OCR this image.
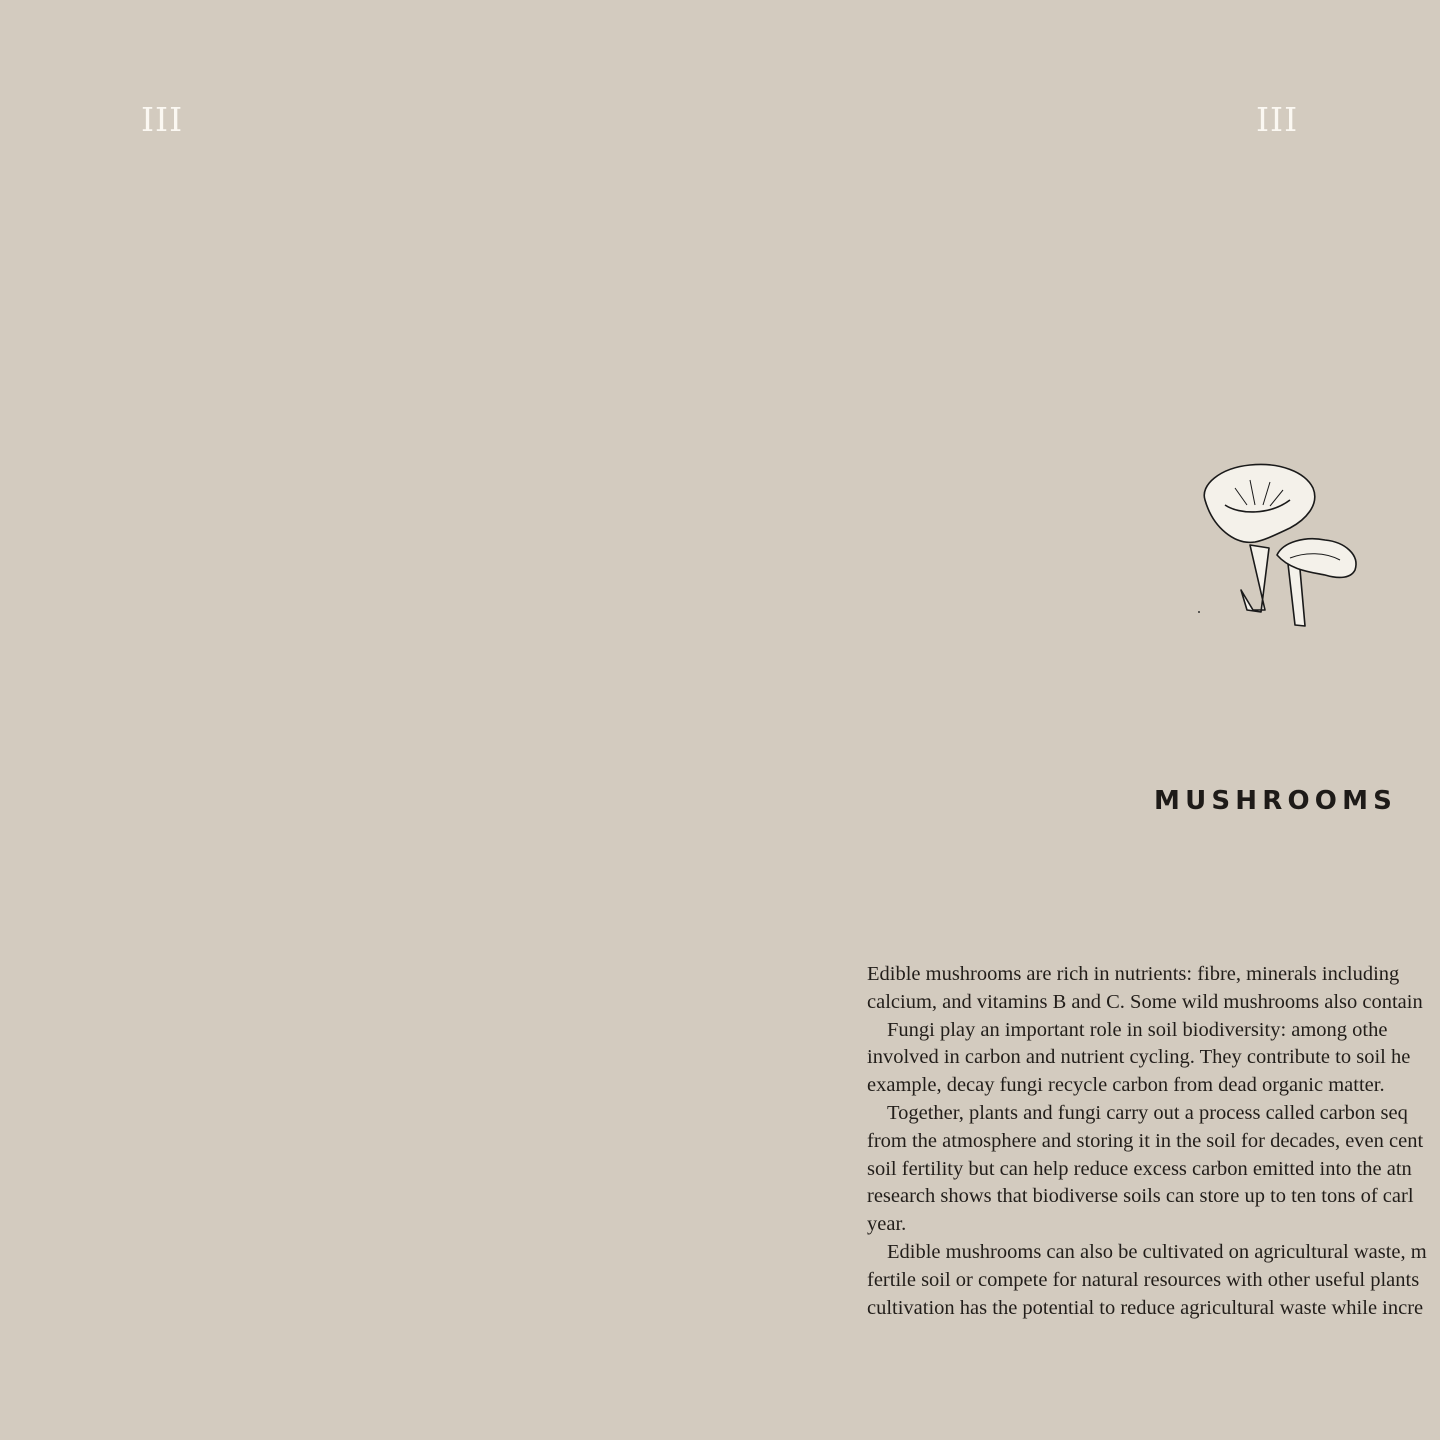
III	III
MUSHROOMS
Edible mushrooms are rich in nutrients: fibre, minerals including
calcium, and vitamins B and C. Some wild mushrooms also contain
Fungi play an important role in soil biodiversity: among othe
involved in carbon and nutrient cycling. They contribute to soil he
example, decay fungi recycle carbon from dead organic matter.
Together, plants and fungi carry out a process called carbon seq
from the atmosphere and storing it in the soil for decades, even cent
soil fertility but can help reduce excess carbon emitted into the atn
research shows that biodiverse soils can store up to ten tons of carl
year.
Edible mushrooms can also be cultivated on agricultural waste, m
fertile soil or compete for natural resources with other useful plants
cultivation has the potential to reduce agricultural waste while incre
